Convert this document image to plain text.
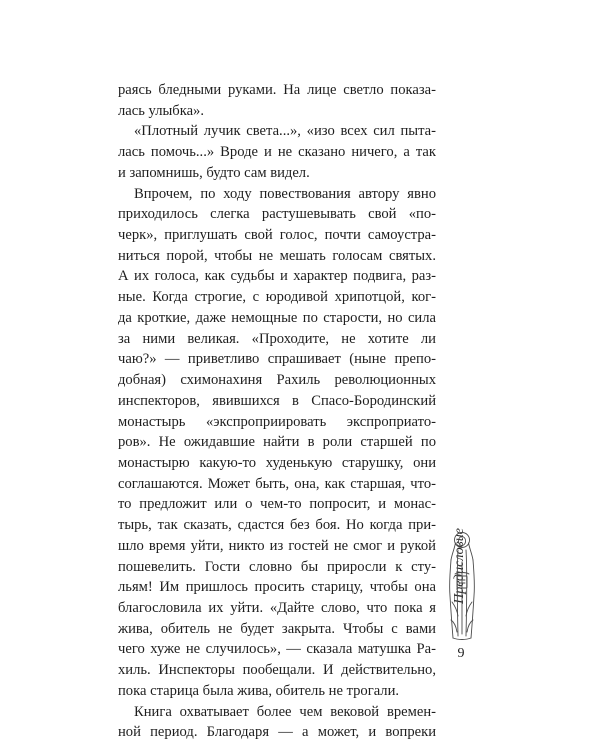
раясь бледными руками. На лице светло показа-
лась улыбка».
«Плотный лучик света...», «изо всех сил пыта-
лась помочь...» Вроде и не сказано ничего, а так
и запомнишь, будто сам видел.
Впрочем, по ходу повествования автору явно
приходилось слегка растушевывать свой «по-
черк», приглушать свой голос, почти самоустра-
ниться порой, чтобы не мешать голосам святых.
А их голоса, как судьбы и характер подвига, раз-
ные. Когда строгие, с юродивой хрипотцой, ког-
да кроткие, даже немощные по старости, но сила
за ними великая. «Проходите, не хотите ли
чаю?» — приветливо спрашивает (ныне препо-
добная) схимонахиня Рахиль революционных
инспекторов, явившихся в Спасо-Бородинский
монастырь «экспроприировать экспроприато-
ров». Не ожидавшие найти в роли старшей по
монастырю какую-то худенькую старушку, они
соглашаются. Может быть, она, как старшая, что-
то предложит или о чем-то попросит, и монас-
тырь, так сказать, сдастся без боя. Но когда при-
шло время уйти, никто из гостей не смог и рукой
пошевелить. Гости словно бы приросли к сту-
льям! Им пришлось просить старицу, чтобы она
благословила их уйти. «Дайте слово, что пока я
жива, обитель не будет закрыта. Чтобы с вами
чего хуже не случилось», — сказала матушка Ра-
хиль. Инспекторы пообещали. И действительно,
пока старица была жива, обитель не трогали.
Книга охватывает более чем вековой времен-
ной период. Благодаря — а может, и вопреки
Предисловие
9
